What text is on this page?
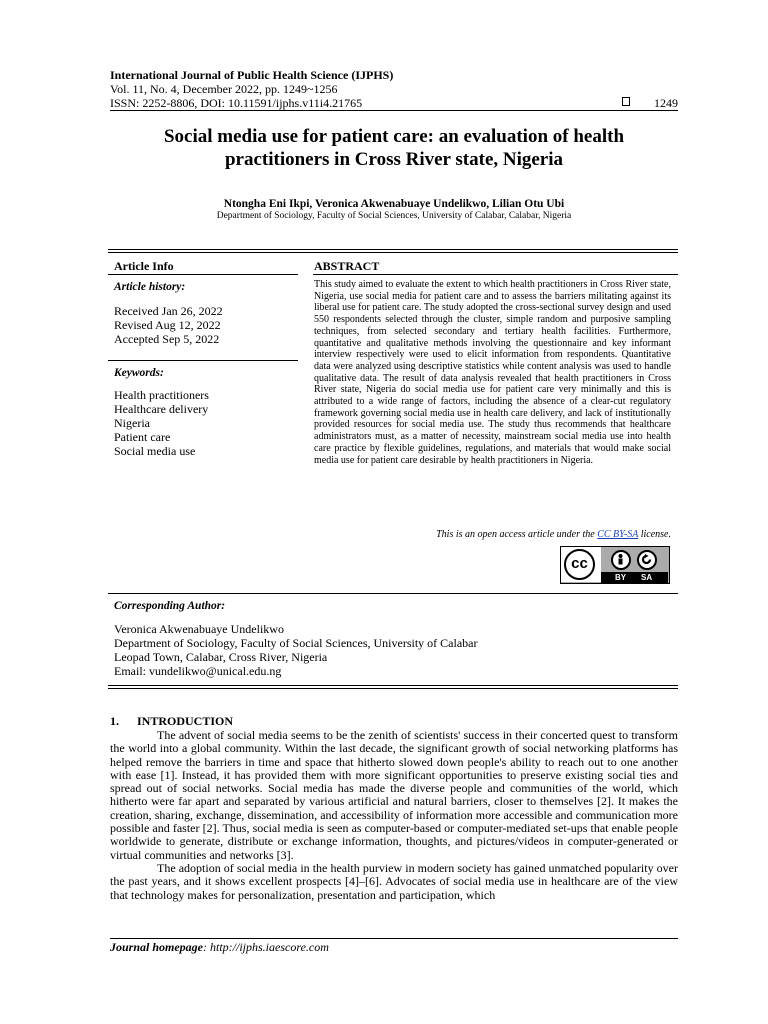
International Journal of Public Health Science (IJPHS)
Vol. 11, No. 4, December 2022, pp. 1249~1256
ISSN: 2252-8806, DOI: 10.11591/ijphs.v11i4.21765	1249
Social media use for patient care: an evaluation of health practitioners in Cross River state, Nigeria
Ntongha Eni Ikpi, Veronica Akwenabuaye Undelikwo, Lilian Otu Ubi
Department of Sociology, Faculty of Social Sciences, University of Calabar, Calabar, Nigeria
Article Info
Article history:
Received Jan 26, 2022
Revised Aug 12, 2022
Accepted Sep 5, 2022
Keywords:
Health practitioners
Healthcare delivery
Nigeria
Patient care
Social media use
ABSTRACT
This study aimed to evaluate the extent to which health practitioners in Cross River state, Nigeria, use social media for patient care and to assess the barriers militating against its liberal use for patient care. The study adopted the cross-sectional survey design and used 550 respondents selected through the cluster, simple random and purposive sampling techniques, from selected secondary and tertiary health facilities. Furthermore, quantitative and qualitative methods involving the questionnaire and key informant interview respectively were used to elicit information from respondents. Quantitative data were analyzed using descriptive statistics while content analysis was used to handle qualitative data. The result of data analysis revealed that health practitioners in Cross River state, Nigeria do social media use for patient care very minimally and this is attributed to a wide range of factors, including the absence of a clear-cut regulatory framework governing social media use in health care delivery, and lack of institutionally provided resources for social media use. The study thus recommends that healthcare administrators must, as a matter of necessity, mainstream social media use into health care practice by flexible guidelines, regulations, and materials that would make social media use for patient care desirable by health practitioners in Nigeria.
This is an open access article under the CC BY-SA license.
cc
BY SA
Corresponding Author:
Veronica Akwenabuaye Undelikwo
Department of Sociology, Faculty of Social Sciences, University of Calabar
Leopad Town, Calabar, Cross River, Nigeria
Email: vundelikwo@unical.edu.ng
1. INTRODUCTION

The advent of social media seems to be the zenith of scientists' success in their concerted quest to transform the world into a global community. Within the last decade, the significant growth of social networking platforms has helped remove the barriers in time and space that hitherto slowed down people's ability to reach out to one another with ease [1]. Instead, it has provided them with more significant opportunities to preserve existing social ties and spread out of social networks. Social media has made the diverse people and communities of the world, which hitherto were far apart and separated by various artificial and natural barriers, closer to themselves [2]. It makes the creation, sharing, exchange, dissemination, and accessibility of information more accessible and communication more possible and faster [2]. Thus, social media is seen as computer-based or computer-mediated set-ups that enable people worldwide to generate, distribute or exchange information, thoughts, and pictures/videos in computer-generated or virtual communities and networks [3].

The adoption of social media in the health purview in modern society has gained unmatched popularity over the past years, and it shows excellent prospects [4]–[6]. Advocates of social media use in healthcare are of the view that technology makes for personalization, presentation and participation, which

Journal homepage: http://ijphs.iaescore.com
